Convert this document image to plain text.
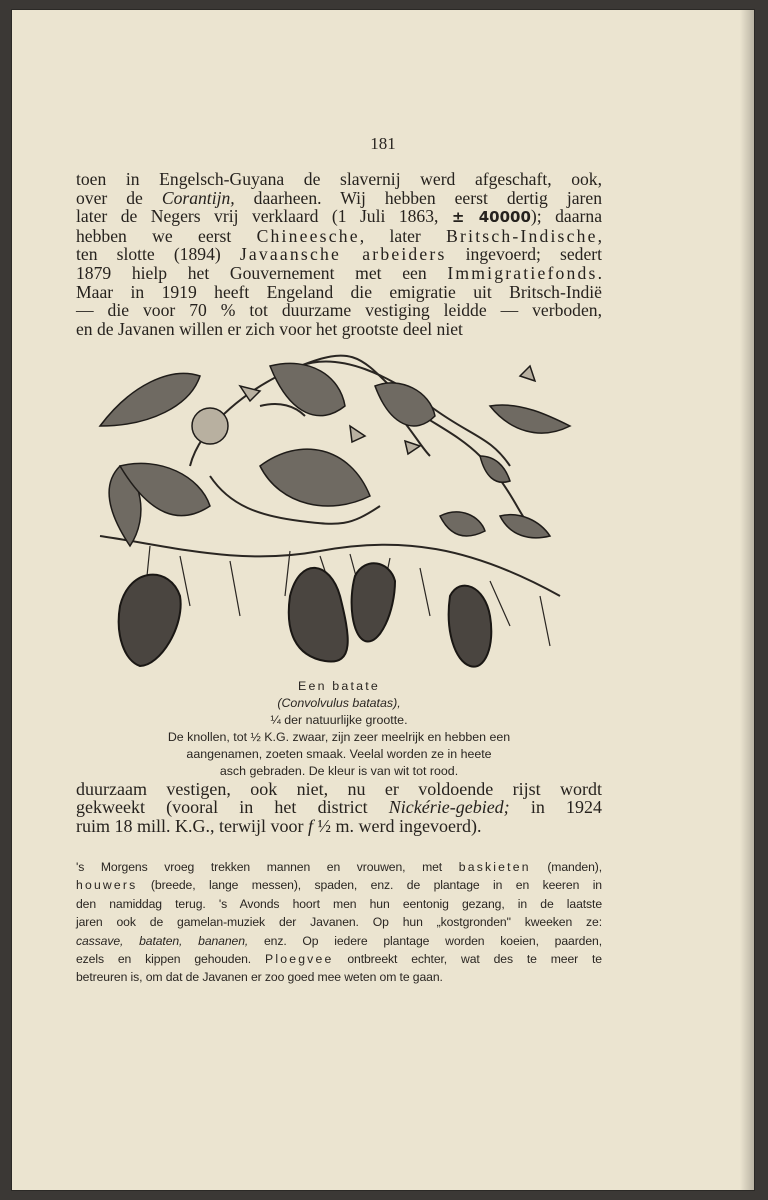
181
toen in Engelsch-Guyana de slavernij werd afgeschaft, ook,
over de Corantijn, daarheen. Wij hebben eerst dertig jaren
later de Negers vrij verklaard (1 Juli 1863, ± 40000); daarna
hebben we eerst Chineesche, later Britsch-Indische,
ten slotte (1894) Javaansche arbeiders ingevoerd; sedert
1879 hielp het Gouvernement met een Immigratiefonds.
Maar in 1919 heeft Engeland die emigratie uit Britsch-Indië
— die voor 70 % tot duurzame vestiging leidde — verboden,
en de Javanen willen er zich voor het grootste deel niet
Een batate
(Convolvulus batatas),
¼ der natuurlijke grootte.
De knollen, tot ½ K.G. zwaar, zijn zeer meelrijk en hebben een
aangenamen, zoeten smaak. Veelal worden ze in heete
asch gebraden. De kleur is van wit tot rood.
duurzaam vestigen, ook niet, nu er voldoende rijst wordt
gekweekt (vooral in het district Nickérie-gebied; in 1924
ruim 18 mill. K.G., terwijl voor f ½ m. werd ingevoerd).
's Morgens vroeg trekken mannen en vrouwen, met baskieten (manden),
houwers (breede, lange messen), spaden, enz. de plantage in en keeren in
den namiddag terug. 's Avonds hoort men hun eentonig gezang, in de laatste
jaren ook de gamelan-muziek der Javanen. Op hun „kostgronden" kweeken ze:
cassave, bataten, bananen, enz. Op iedere plantage worden koeien, paarden,
ezels en kippen gehouden. Ploegvee ontbreekt echter, wat des te meer te
betreuren is, om dat de Javanen er zoo goed mee weten om te gaan.
